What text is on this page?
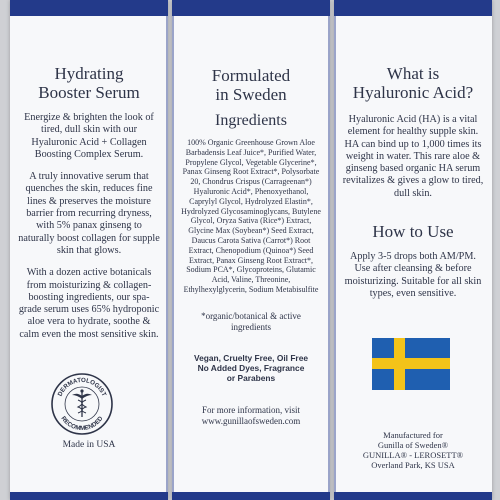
Hydrating
Booster Serum
Energize & brighten the look of tired, dull skin with our Hyaluronic Acid + Collagen Boosting Complex Serum.
A truly innovative serum that quenches the skin, reduces fine lines & preserves the moisture barrier from recurring dryness, with 5% panax ginseng to naturally boost collagen for supple skin that glows.
With a dozen active botanicals from moisturizing & collagen-boosting ingredients, our spa-grade serum uses 65% hydroponic aloe vera to hydrate, soothe & calm even the most sensitive skin.
DERMATOLOGIST
RECOMMENDED
Made in USA
Formulated
in Sweden
Ingredients
100% Organic Greenhouse Grown Aloe Barbadensis Leaf Juice*, Purified Water, Propylene Glycol, Vegetable Glycerine*, Panax Ginseng Root Extract*, Polysorbate 20, Chondrus Crispus (Carrageenan*) Hyaluronic Acid*, Phenoxyethanol, Caprylyl Glycol, Hydrolyzed Elastin*, Hydrolyzed Glycosaminoglycans, Butylene Glycol, Oryza Sativa (Rice*) Extract, Glycine Max (Soybean*) Seed Extract, Daucus Carota Sativa (Carrot*) Root Extract, Chenopodium (Quinoa*) Seed Extract, Panax Ginseng Root Extract*, Sodium PCA*, Glycoproteins, Glutamic Acid, Valine, Threonine, Ethylhexylglycerin, Sodium Metabisulfite
*organic/botanical & active ingredients
Vegan, Cruelty Free, Oil Free
No Added Dyes, Fragrance
or Parabens
For more information, visit
www.gunillaofsweden.com
What is
Hyaluronic Acid?
Hyaluronic Acid (HA) is a vital element for healthy supple skin. HA can bind up to 1,000 times its weight in water. This rare aloe & ginseng based organic HA serum revitalizes & gives a glow to tired, dull skin.
How to Use
Apply 3-5 drops both AM/PM. Use after cleansing & before moisturizing. Suitable for all skin types, even sensitive.
Manufactured for
Gunilla of Sweden®
GUNILLA® - LEROSETT®
Overland Park, KS USA
